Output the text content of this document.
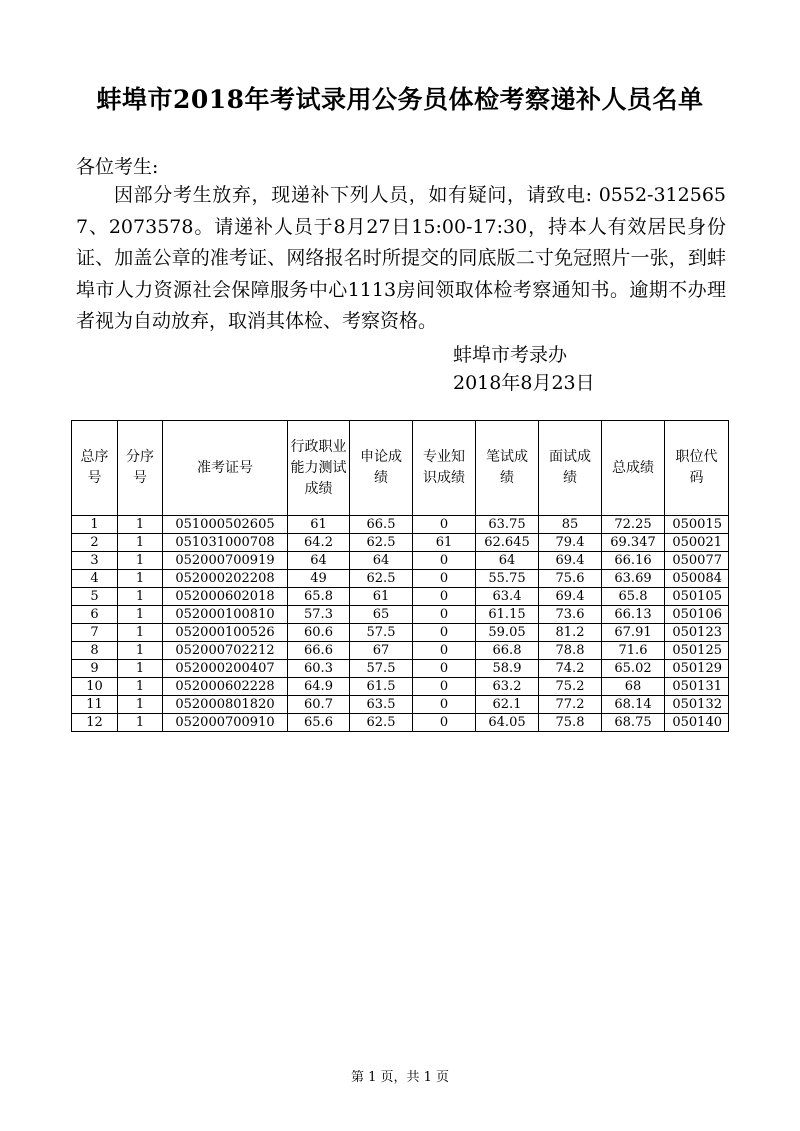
蚌埠市2018年考试录用公务员体检考察递补人员名单

各位考生:

因部分考生放弃，现递补下列人员，如有疑问，请致电: 0552-3125657、2073578。请递补人员于8月27日15:00-17:30，持本人有效居民身份证、加盖公章的准考证、网络报名时所提交的同底版二寸免冠照片一张，到蚌埠市人力资源社会保障服务中心1113房间领取体检考察通知书。逾期不办理者视为自动放弃，取消其体检、考察资格。

蚌埠市考录办

2018年8月23日

总序号	分序号	准考证号	行政职业能力测试成绩	申论成绩	专业知识成绩	笔试成绩	面试成绩	总成绩	职位代码

1	1	051000502605	61	66.5	0	63.75	85	72.25	050015
2	1	051031000708	64.2	62.5	61	62.645	79.4	69.347	050021
3	1	052000700919	64	64	0	64	69.4	66.16	050077
4	1	052000202208	49	62.5	0	55.75	75.6	63.69	050084
5	1	052000602018	65.8	61	0	63.4	69.4	65.8	050105
6	1	052000100810	57.3	65	0	61.15	73.6	66.13	050106
7	1	052000100526	60.6	57.5	0	59.05	81.2	67.91	050123
8	1	052000702212	66.6	67	0	66.8	78.8	71.6	050125
9	1	052000200407	60.3	57.5	0	58.9	74.2	65.02	050129
10	1	052000602228	64.9	61.5	0	63.2	75.2	68	050131
11	1	052000801820	60.7	63.5	0	62.1	77.2	68.14	050132
12	1	052000700910	65.6	62.5	0	64.05	75.8	68.75	050140

第 1 页，共 1 页
